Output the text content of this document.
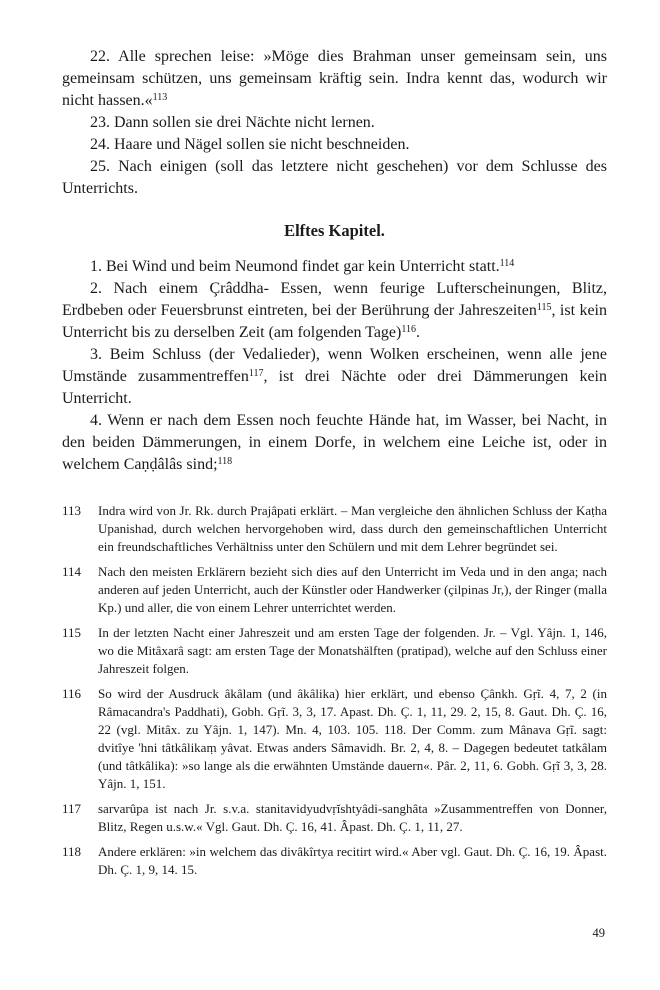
22. Alle sprechen leise: »Möge dies Brahman unser gemeinsam sein, uns gemeinsam schützen, uns gemeinsam kräftig sein. Indra kennt das, wodurch wir nicht hassen.«$^{113}$

23. Dann sollen sie drei Nächte nicht lernen.

24. Haare und Nägel sollen sie nicht beschneiden.

25. Nach einigen (soll das letztere nicht geschehen) vor dem Schlusse des Unterrichts.

Elftes Kapitel.

1. Bei Wind und beim Neumond findet gar kein Unterricht statt.$^{114}$

2. Nach einem Çrâddha- Essen, wenn feurige Lufterscheinungen, Blitz, Erdbeben oder Feuersbrunst eintreten, bei der Berührung der Jahreszeiten$^{115}$, ist kein Unterricht bis zu derselben Zeit (am folgenden Tage)$^{116}$.

3. Beim Schluss (der Vedalieder), wenn Wolken erscheinen, wenn alle jene Umstände zusammentreffen$^{117}$, ist drei Nächte oder drei Dämmerungen kein Unterricht.

4. Wenn er nach dem Essen noch feuchte Hände hat, im Wasser, bei Nacht, in den beiden Dämmerungen, in einem Dorfe, in welchem eine Leiche ist, oder in welchem Caṇḍâlâs sind;$^{118}$

113	Indra wird von Jr. Rk. durch Prajâpati erklärt. – Man vergleiche den ähnlichen Schluss der Kaṭha Upanishad, durch welchen hervorgehoben wird, dass durch den gemeinschaftlichen Unterricht ein freundschaftliches Verhältniss unter den Schülern und mit dem Lehrer begründet sei.
114	Nach den meisten Erklärern bezieht sich dies auf den Unterricht im Veda und in den anga; nach anderen auf jeden Unterricht, auch der Künstler oder Handwerker (çilpinas Jr,), der Ringer (malla Kp.) und aller, die von einem Lehrer unterrichtet werden.
115	In der letzten Nacht einer Jahreszeit und am ersten Tage der folgenden. Jr. – Vgl. Yâjn. 1, 146, wo die Mitâxarâ sagt: am ersten Tage der Monatshälften (pratipad), welche auf den Schluss einer Jahreszeit folgen.
116	So wird der Ausdruck âkâlam (und âkâlika) hier erklärt, und ebenso Çânkh. Gṛĩ. 4, 7, 2 (in Râmacandra's Paddhati), Gobh. Gṛĩ. 3, 3, 17. Apast. Dh. Ç. 1, 11, 29. 2, 15, 8. Gaut. Dh. Ç. 16, 22 (vgl. Mitâx. zu Yâjn. 1, 147). Mn. 4, 103. 105. 118. Der Comm. zum Mânava Gṛĩ. sagt: dvitîye 'hni tâtkâlikaṃ yâvat. Etwas anders Sâmavidh. Br. 2, 4, 8. – Dagegen bedeutet tatkâlam (und tâtkâlika): »so lange als die erwähnten Umstände dauern«. Pâr. 2, 11, 6. Gobh. Gṛĩ 3, 3, 28. Yâjn. 1, 151.
117	sarvarûpa ist nach Jr. s.v.a. stanitavidyudvṛĭshtyâdi-sanghâta »Zusammentreffen von Donner, Blitz, Regen u.s.w.« Vgl. Gaut. Dh. Ç. 16, 41. Âpast. Dh. Ç. 1, 11, 27.
118	Andere erklären: »in welchem das divâkîrtya recitirt wird.« Aber vgl. Gaut. Dh. Ç. 16, 19. Âpast. Dh. Ç. 1, 9, 14. 15.
49
